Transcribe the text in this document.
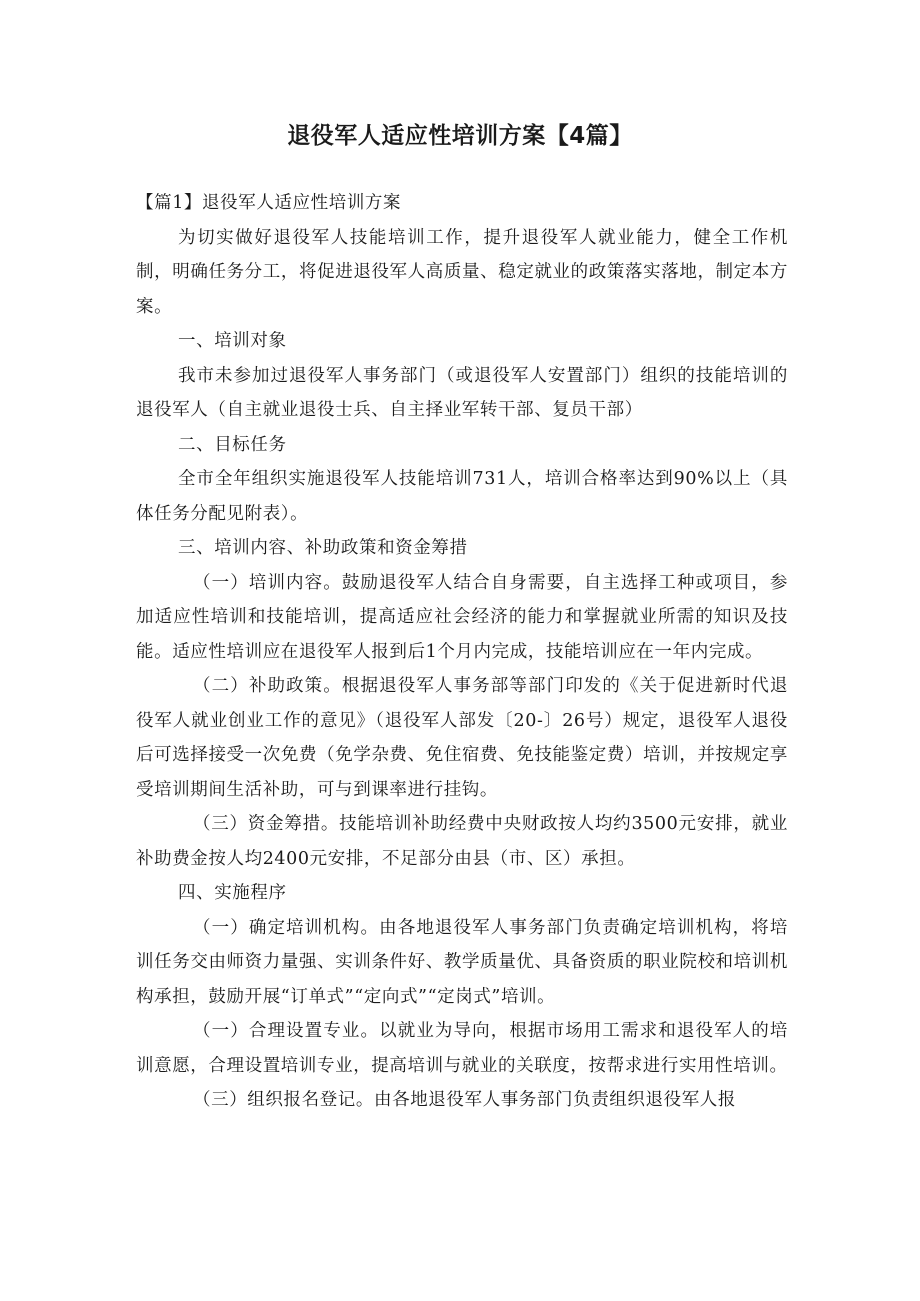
退役军人适应性培训方案【4篇】

【篇1】退役军人适应性培训方案

为切实做好退役军人技能培训工作，提升退役军人就业能力，健全工作机制，明确任务分工，将促进退役军人高质量、稳定就业的政策落实落地，制定本方案。

一、培训对象

我市未参加过退役军人事务部门（或退役军人安置部门）组织的技能培训的退役军人（自主就业退役士兵、自主择业军转干部、复员干部）

二、目标任务

全市全年组织实施退役军人技能培训731人，培训合格率达到90%以上（具体任务分配见附表）。

三、培训内容、补助政策和资金筹措

（一）培训内容。鼓励退役军人结合自身需要，自主选择工种或项目，参加适应性培训和技能培训，提高适应社会经济的能力和掌握就业所需的知识及技能。适应性培训应在退役军人报到后1个月内完成，技能培训应在一年内完成。

（二）补助政策。根据退役军人事务部等部门印发的《关于促进新时代退役军人就业创业工作的意见》（退役军人部发〔20-〕26号）规定，退役军人退役后可选择接受一次免费（免学杂费、免住宿费、免技能鉴定费）培训，并按规定享受培训期间生活补助，可与到课率进行挂钩。

（三）资金筹措。技能培训补助经费中央财政按人均约3500元安排，就业补助费金按人均2400元安排，不足部分由县（市、区）承担。

四、实施程序

（一）确定培训机构。由各地退役军人事务部门负责确定培训机构，将培训任务交由师资力量强、实训条件好、教学质量优、具备资质的职业院校和培训机构承担，鼓励开展“订单式”“定向式”“定岗式”培训。

（一）合理设置专业。以就业为导向，根据市场用工需求和退役军人的培训意愿，合理设置培训专业，提高培训与就业的关联度，按帮求进行实用性培训。

（三）组织报名登记。由各地退役军人事务部门负责组织退役军人报
